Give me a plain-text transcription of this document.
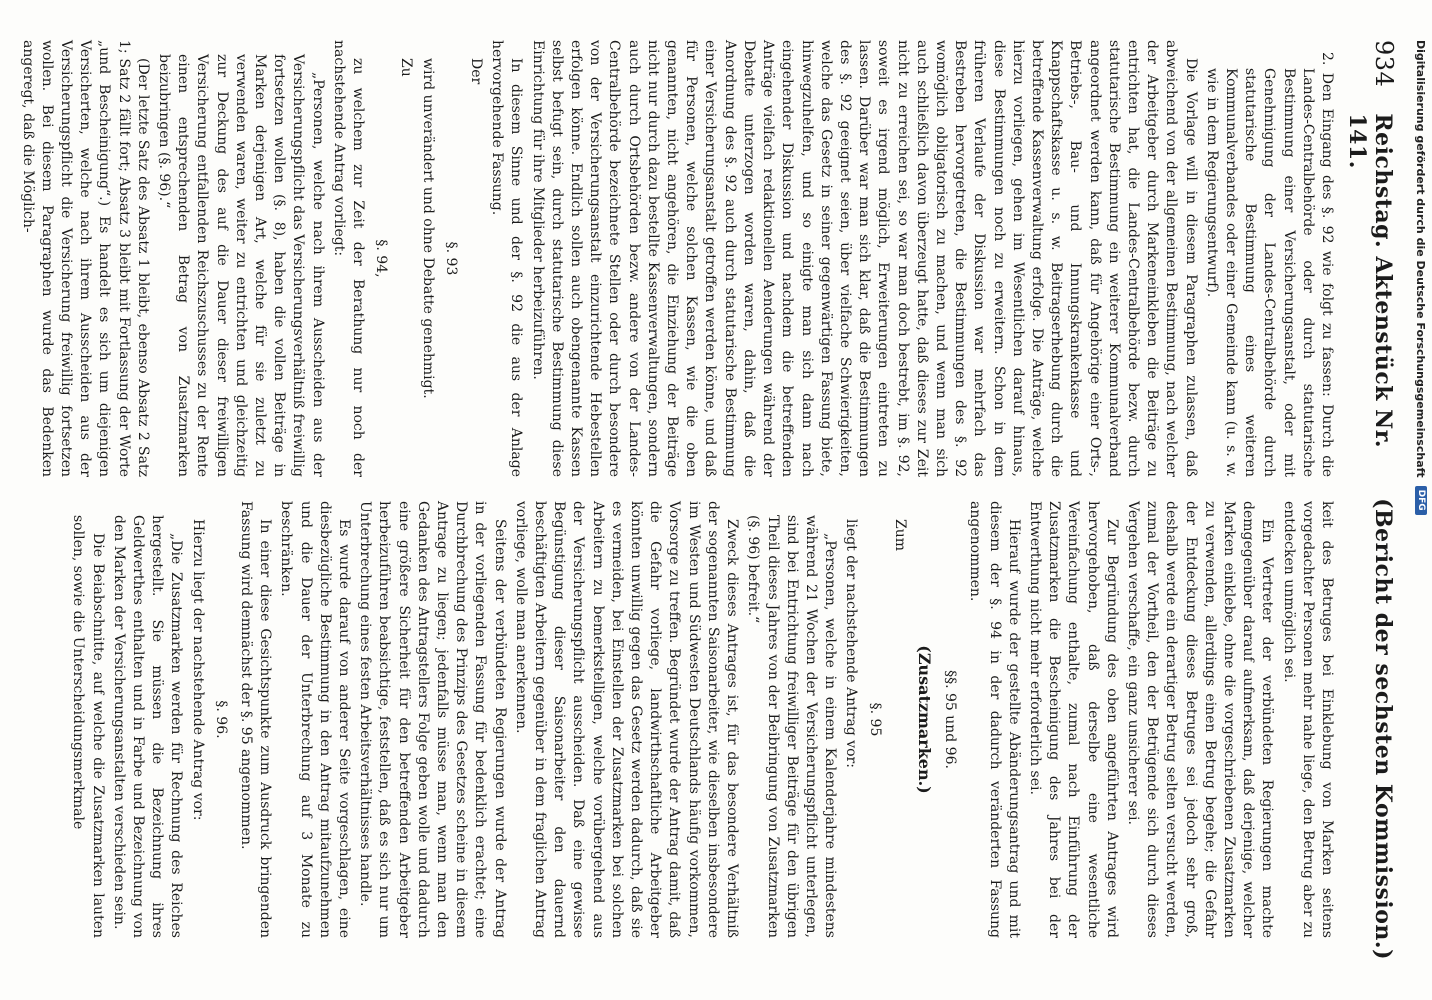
934
Reichstag. Aktenstück Nr. 141.
(Bericht der sechsten Kommission.)

2. Den Eingang des §. 92 wie folgt zu fassen: Durch die Landes-Centralbehörde oder durch statutarische Bestimmung einer Versicherungsanstalt, oder mit Genehmigung der Landes-Centralbehörde durch statutarische Bestimmung eines weiteren Kommunalverbandes oder einer Gemeinde kann (u. s. w. wie in dem Regierungsentwurf).

Die Vorlage will in diesem Paragraphen zulassen, daß abweichend von der allgemeinen Bestimmung, nach welcher der Arbeitgeber durch Markeneinkleben die Beiträge zu entrichten hat, die Landes-Centralbehörde bezw. durch statutarische Bestimmung ein weiterer Kommunalverband angeordnet werden kann, daß für Angehörige einer Orts-, Betriebs-, Bau- und Innungskrankenkasse und Knappschaftskasse u. s. w. Beitragserhebung durch die betreffende Kassenverwaltung erfolge. Die Anträge, welche hierzu vorliegen, gehen im Wesentlichen darauf hinaus, diese Bestimmungen noch zu erweitern. Schon in dem früheren Verlaufe der Diskussion war mehrfach das Bestreben hervorgetreten, die Bestimmungen des §. 92 womöglich obligatorisch zu machen, und wenn man sich auch schließlich davon überzeugt hatte, daß dieses zur Zeit nicht zu erreichen sei, so war man doch bestrebt, im §. 92, soweit es irgend möglich, Erweiterungen eintreten zu lassen. Darüber war man sich klar, daß die Bestimmungen des §. 92 geeignet seien, über vielfache Schwierigkeiten, welche das Gesetz in seiner gegenwärtigen Fassung biete, hinwegzuhelfen, und so einigte man sich dann nach eingehender Diskussion und nachdem die betreffenden Anträge vielfach redaktionellen Aenderungen während der Debatte unterzogen worden waren, dahin, daß die Anordnung des §. 92 auch durch statutarische Bestimmung einer Versicherungsanstalt getroffen werden könne, und daß für Personen, welche solchen Kassen, wie die oben genannten, nicht angehören, die Einziehung der Beiträge nicht nur durch dazu bestellte Kassenverwaltungen, sondern auch durch Ortsbehörden bezw. andere von der Landes-Centralbehörde bezeichnete Stellen oder durch besondere von der Versicherungsanstalt einzurichtende Hebestellen erfolgen könne. Endlich sollen auch obengenannte Kassen selbst befugt sein, durch statutarische Bestimmung diese Einrichtung für ihre Mitglieder herbeizuführen.

In diesem Sinne und der §. 92 die aus der Anlage hervorgehende Fassung.

Der

§. 93

wird unverändert und ohne Debatte genehmigt.

Zu

§. 94,

zu welchem zur Zeit der Berathung nur noch der nachstehende Antrag vorliegt:

„Personen, welche nach ihrem Ausscheiden aus der Versicherungspflicht das Versicherungsverhältniß freiwillig fortsetzen wollen (§. 8), haben die vollen Beiträge in Marken derjenigen Art, welche für sie zuletzt zu verwenden waren, weiter zu entrichten und gleichzeitig zur Deckung des auf die Dauer dieser freiwilligen Versicherung entfallenden Reichszuschusses zu der Rente einen entsprechenden Betrag von Zusatzmarken beizubringen (§. 96).“

(Der letzte Satz des Absatz 1 bleibt, ebenso Absatz 2 Satz 1; Satz 2 fällt fort; Absatz 3 bleibt mit Fortlassung der Worte „und Bescheinigung“.) Es handelt es sich um diejenigen Versicherten, welche nach ihrem Ausscheiden aus der Versicherungspflicht die Versicherung freiwillig fortsetzen wollen. Bei diesem Paragraphen wurde das Bedenken angeregt, daß die Möglich-

keit des Betruges bei Einklebung von Marken seitens vorgedachter Personen mehr nahe liege, den Betrug aber zu entdecken unmöglich sei.

Ein Vertreter der verbündeten Regierungen machte demgegenüber darauf aufmerksam, daß derjenige, welcher Marken einklebe, ohne die vorgeschriebenen Zusatzmarken zu verwenden, allerdings einen Betrug begehe; die Gefahr der Entdeckung dieses Betruges sei jedoch sehr groß, deshalb werde ein derartiger Betrug selten versucht werden, zumal der Vortheil, den der Betrügende sich durch dieses Vergehen verschaffe, ein ganz unsicherer sei.

Zur Begründung des oben angeführten Antrages wird hervorgehoben, daß derselbe eine wesentliche Vereinfachung enthalte, zumal nach Einführung der Zusatzmarken die Bescheinigung des Jahres bei der Entwerthung nicht mehr erforderlich sei.

Hierauf wurde der gestellte Abänderungsantrag und mit diesem der §. 94 in der dadurch veränderten Fassung angenommen.

§§. 95 und 96.

(Zusatzmarken.)

Zum

§. 95

liegt der nachstehende Antrag vor:

„Personen, welche in einem Kalenderjahre mindestens während 21 Wochen der Versicherungspflicht unterlegen, sind bei Entrichtung freiwilliger Beiträge für den übrigen Theil dieses Jahres von der Beibringung von Zusatzmarken (§. 96) befreit.“

Zweck dieses Antrages ist, für das besondere Verhältniß der sogenannten Saisonarbeiter, wie dieselben insbesondere im Westen und Südwesten Deutschlands häufig vorkommen, Vorsorge zu treffen. Begründet wurde der Antrag damit, daß die Gefahr vorliege, landwirthschaftliche Arbeitgeber könnten unwillig gegen das Gesetz werden dadurch, daß sie es vermeiden, bei Einstellen der Zusatzmarken bei solchen Arbeitern zu bemerkstelligen, welche vorübergehend aus der Versicherungspflicht ausscheiden. Daß eine gewisse Begünstigung dieser Saisonarbeiter den dauernd beschäftigten Arbeitern gegenüber in dem fraglichen Antrag vorliege, wolle man anerkennen.

Seitens der verbündeten Regierungen wurde der Antrag in der vorliegenden Fassung für bedenklich erachtet; eine Durchbrechung des Prinzips des Gesetzes scheine in diesem Antrage zu liegen; jedenfalls müsse man, wenn man den Gedanken des Antragstellers Folge geben wolle und dadurch eine größere Sicherheit für den betreffenden Arbeitgeber herbeizuführen beabsichtige, feststellen, daß es sich nur um Unterbrechung eines festen Arbeitsverhältnisses handle.

Es wurde darauf von anderer Seite vorgeschlagen, eine diesbezügliche Bestimmung in den Antrag mitaufzunehmen und die Dauer der Unterbrechung auf 3 Monate zu beschränken.

In einer diese Gesichtspunkte zum Ausdruck bringenden Fassung wird demnächst der §. 95 angenommen.

§. 96.

Hierzu liegt der nachstehende Antrag vor:

„Die Zusatzmarken werden für Rechnung des Reiches hergestellt. Sie müssen die Bezeichnung ihres Geldwerthes enthalten und in Farbe und Bezeichnung von den Marken der Versicherungsanstalten verschieden sein.

Die Beiabschnitte, auf welche die Zusatzmarken lauten sollen, sowie die Unterscheidungsmerkmale

Digitalisierung gefördert durch die Deutsche Forschungsgemeinschaft
DFG
